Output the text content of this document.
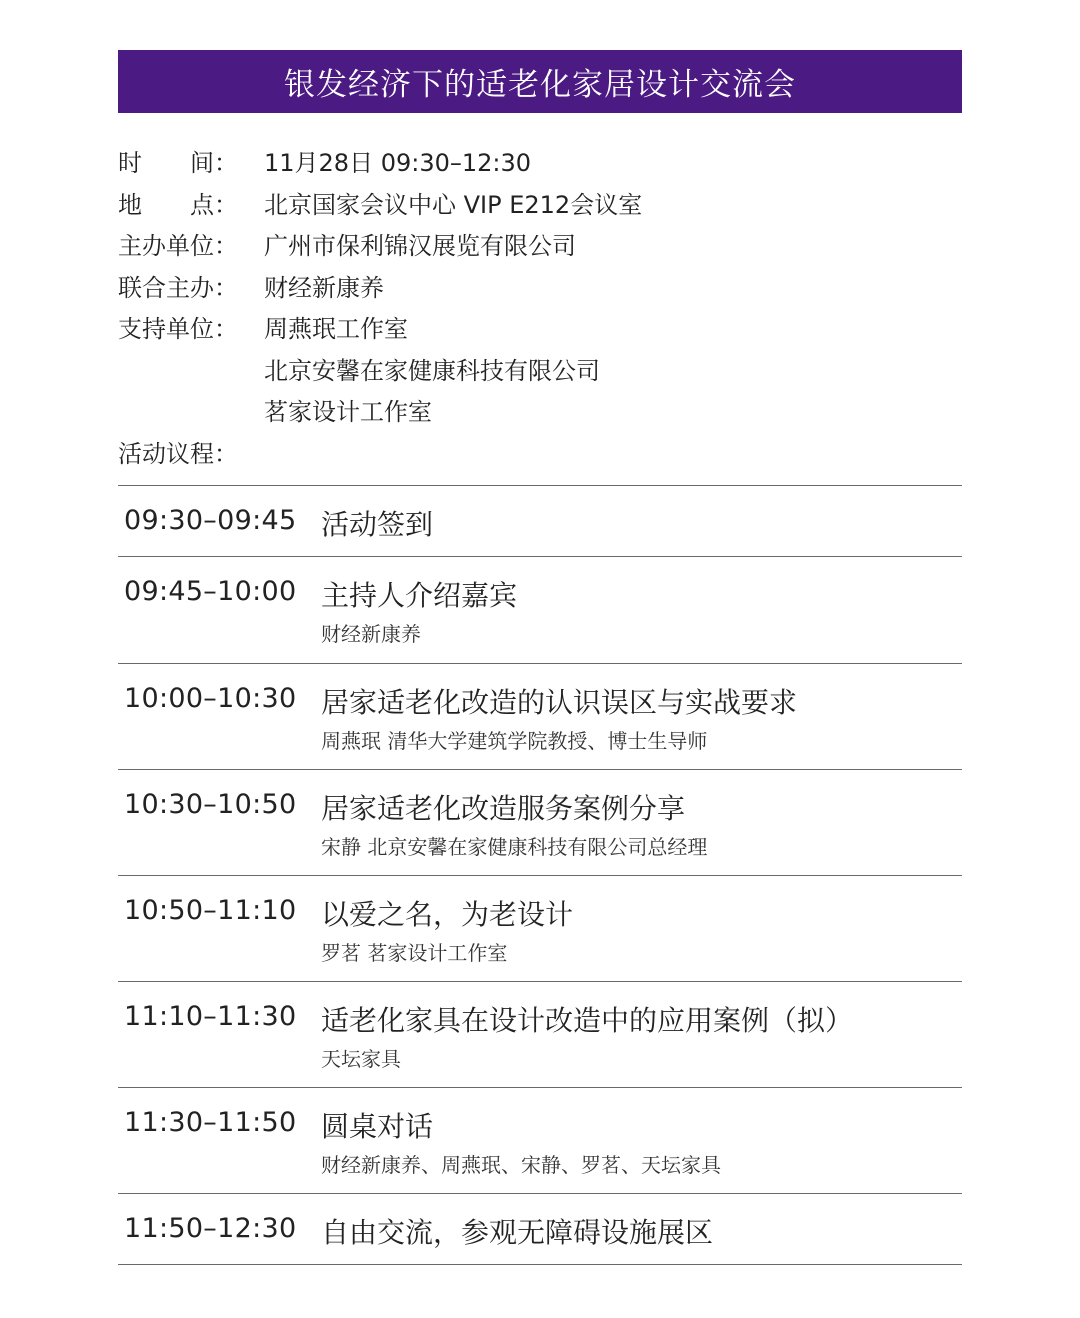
银发经济下的适老化家居设计交流会
时　　间：	11月28日 09:30–12:30
地　　点：	北京国家会议中心 VIP E212会议室
主办单位：	广州市保利锦汉展览有限公司
联合主办：	财经新康养
支持单位：	周燕珉工作室
北京安馨在家健康科技有限公司
茗家设计工作室
活动议程：
09:30–09:45 活动签到
09:45–10:00 主持人介绍嘉宾
财经新康养
10:00–10:30 居家适老化改造的认识误区与实战要求
周燕珉 清华大学建筑学院教授、博士生导师
10:30–10:50 居家适老化改造服务案例分享
宋静 北京安馨在家健康科技有限公司总经理
10:50–11:10 以爱之名，为老设计
罗茗 茗家设计工作室
11:10–11:30 适老化家具在设计改造中的应用案例（拟）
天坛家具
11:30–11:50 圆桌对话
财经新康养、周燕珉、宋静、罗茗、天坛家具
11:50–12:30 自由交流，参观无障碍设施展区
